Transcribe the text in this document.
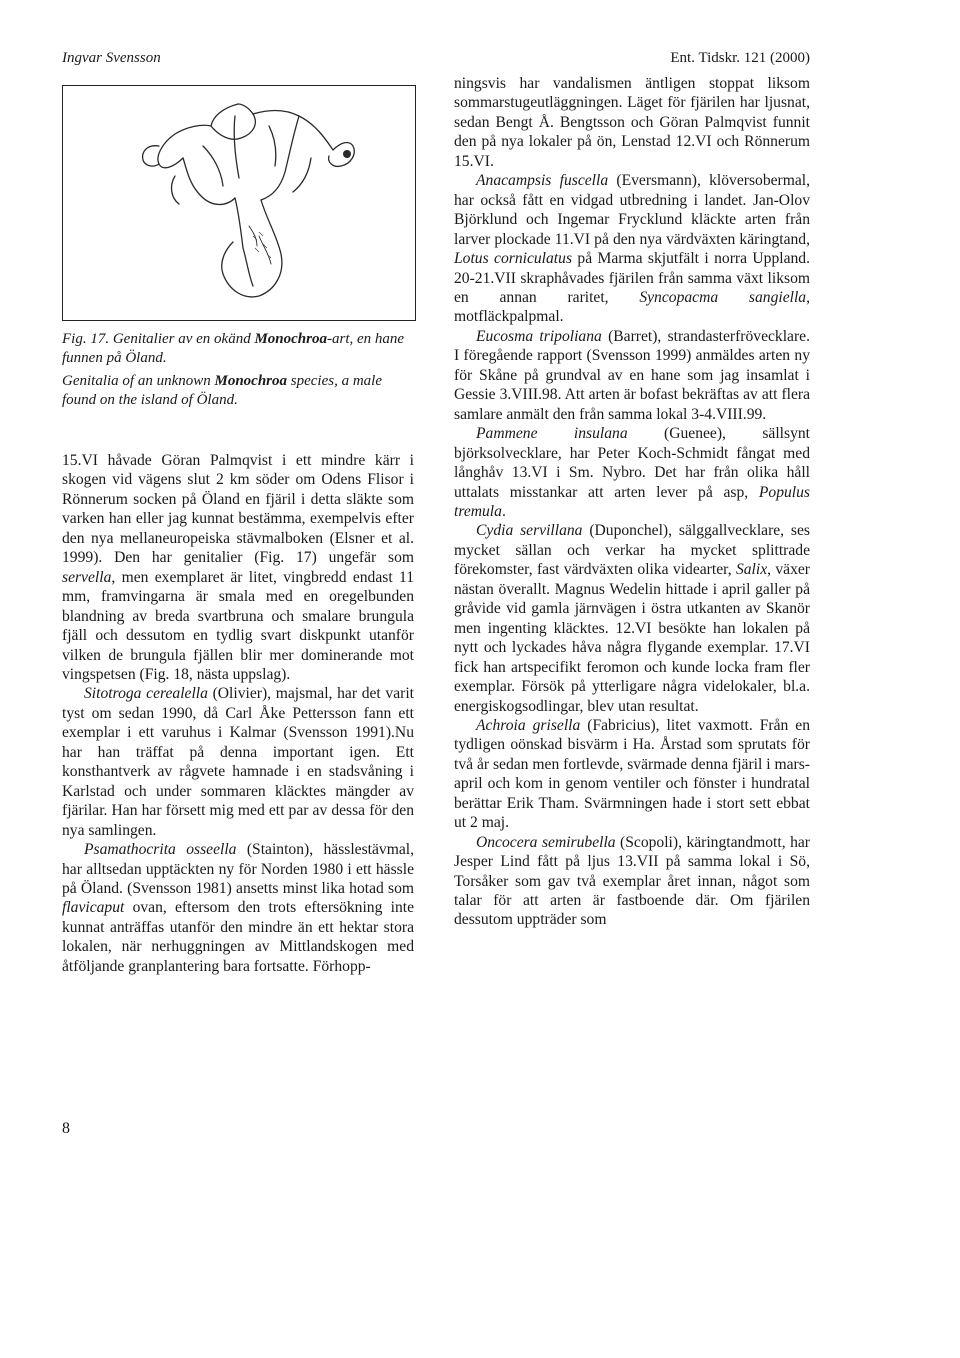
Ingvar Svensson	Ent. Tidskr. 121 (2000)
Fig. 17. Genitalier av en okänd Monochroa-art, en hane funnen på Öland.
Genitalia of an unknown Monochroa species, a male found on the island of Öland.

15.VI håvade Göran Palmqvist i ett mindre kärr i skogen vid vägens slut 2 km söder om Odens Flisor i Rönnerum socken på Öland en fjäril i detta släkte som varken han eller jag kunnat bestämma, exempelvis efter den nya mellaneuropeiska stävmalboken (Elsner et al. 1999). Den har genitalier (Fig. 17) ungefär som servella, men exemplaret är litet, vingbredd endast 11 mm, framvingarna är smala med en oregelbunden blandning av breda svartbruna och smalare brungula fjäll och dessutom en tydlig svart diskpunkt utanför vilken de brungula fjällen blir mer dominerande mot vingspetsen (Fig. 18, nästa uppslag).

Sitotroga cerealella (Olivier), majsmal, har det varit tyst om sedan 1990, då Carl Åke Pettersson fann ett exemplar i ett varuhus i Kalmar (Svensson 1991).Nu har han träffat på denna important igen. Ett konsthantverk av rågvete hamnade i en stadsvåning i Karlstad och under sommaren kläcktes mängder av fjärilar. Han har försett mig med ett par av dessa för den nya samlingen.

Psamathocrita osseella (Stainton), hässlestävmal, har alltsedan upptäckten ny för Norden 1980 i ett hässle på Öland. (Svensson 1981) ansetts minst lika hotad som flavicaput ovan, eftersom den trots eftersökning inte kunnat anträffas utanför den mindre än ett hektar stora lokalen, när nerhuggningen av Mittlandskogen med åtföljande granplantering bara fortsatte. Förhopp-

ningsvis har vandalismen äntligen stoppat liksom sommarstugeutläggningen. Läget för fjärilen har ljusnat, sedan Bengt Å. Bengtsson och Göran Palmqvist funnit den på nya lokaler på ön, Lenstad 12.VI och Rönnerum 15.VI.

Anacampsis fuscella (Eversmann), klöversobermal, har också fått en vidgad utbredning i landet. Jan-Olov Björklund och Ingemar Frycklund kläckte arten från larver plockade 11.VI på den nya värdväxten käringtand, Lotus corniculatus på Marma skjutfält i norra Uppland. 20-21.VII skraphåvades fjärilen från samma växt liksom en annan raritet, Syncopacma sangiella, motfläckpalpmal.

Eucosma tripoliana (Barret), strandasterfrövecklare. I föregående rapport (Svensson 1999) anmäldes arten ny för Skåne på grundval av en hane som jag insamlat i Gessie 3.VIII.98. Att arten är bofast bekräftas av att flera samlare anmält den från samma lokal 3-4.VIII.99.

Pammene insulana (Guenee), sällsynt björksolvecklare, har Peter Koch-Schmidt fångat med långhåv 13.VI i Sm. Nybro. Det har från olika håll uttalats misstankar att arten lever på asp, Populus tremula.

Cydia servillana (Duponchel), sälggallvecklare, ses mycket sällan och verkar ha mycket splittrade förekomster, fast värdväxten olika videarter, Salix, växer nästan överallt. Magnus Wedelin hittade i april galler på gråvide vid gamla järnvägen i östra utkanten av Skanör men ingenting kläcktes. 12.VI besökte han lokalen på nytt och lyckades håva några flygande exemplar. 17.VI fick han artspecifikt feromon och kunde locka fram fler exemplar. Försök på ytterligare några videlokaler, bl.a. energiskogsodlingar, blev utan resultat.

Achroia grisella (Fabricius), litet vaxmott. Från en tydligen oönskad bisvärm i Ha. Årstad som sprutats för två år sedan men fortlevde, svärmade denna fjäril i mars-april och kom in genom ventiler och fönster i hundratal berättar Erik Tham. Svärmningen hade i stort sett ebbat ut 2 maj.

Oncocera semirubella (Scopoli), käringtandmott, har Jesper Lind fått på ljus 13.VII på samma lokal i Sö, Torsåker som gav två exemplar året innan, något som talar för att arten är fastboende där. Om fjärilen dessutom uppträder som

8
